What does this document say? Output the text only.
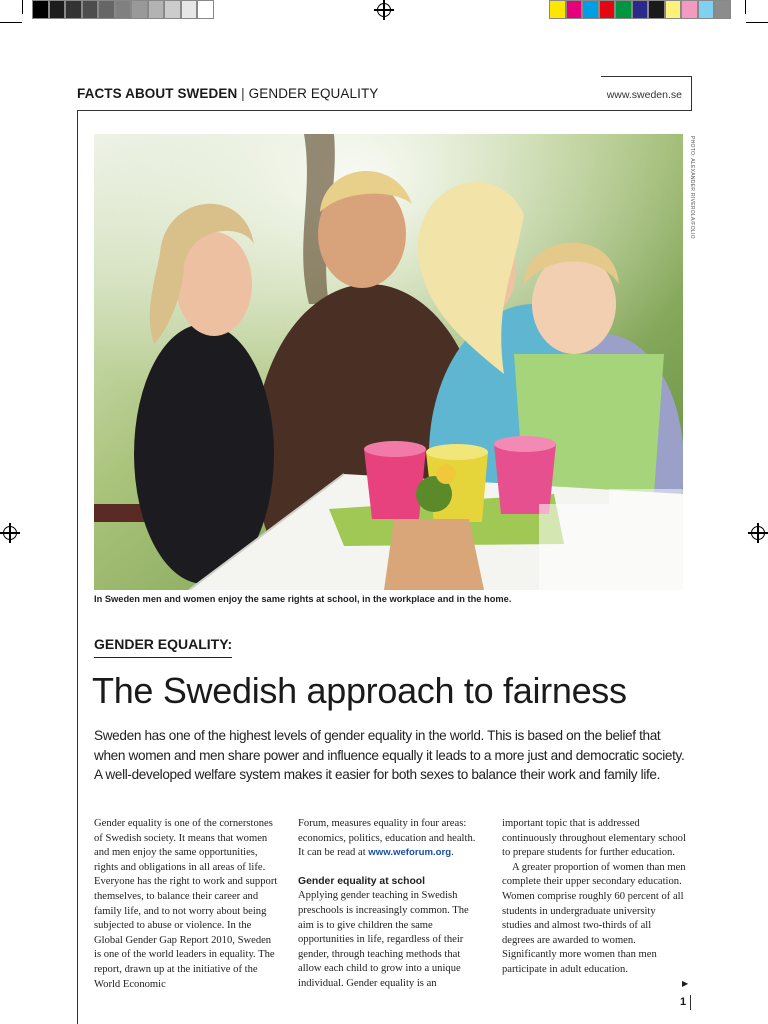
FACTS ABOUT SWEDEN | GENDER EQUALITY	www.sweden.se
PHOTO: ALEXANDER RIVEROLA/FOLIO
In Sweden men and women enjoy the same rights at school, in the workplace and in the home.
GENDER EQUALITY:
The Swedish approach to fairness

Sweden has one of the highest levels of gender equality in the world. This is based on the belief that when women and men share power and influence equally it leads to a more just and democratic society. A well-developed welfare system makes it easier for both sexes to balance their work and family life.

Gender equality is one of the cornerstones of Swedish society. It means that women and men enjoy the same opportunities, rights and obligations in all areas of life. Everyone has the right to work and support themselves, to balance their career and family life, and to not worry about being subjected to abuse or violence. In the Global Gender Gap Report 2010, Sweden is one of the world leaders in equality. The report, drawn up at the initiative of the World Economic

Forum, measures equality in four areas: economics, politics, education and health. It can be read at www.weforum.org.

Gender equality at school

Applying gender teaching in Swedish preschools is increasingly common. The aim is to give children the same opportunities in life, regardless of their gender, through teaching methods that allow each child to grow into a unique individual. Gender equality is an

important topic that is addressed continuously throughout elementary school to prepare students for further education.

A greater proportion of women than men complete their upper secondary education. Women comprise roughly 60 percent of all students in undergraduate university studies and almost two-thirds of all degrees are awarded to women. Significantly more women than men participate in adult education.

▶
1
